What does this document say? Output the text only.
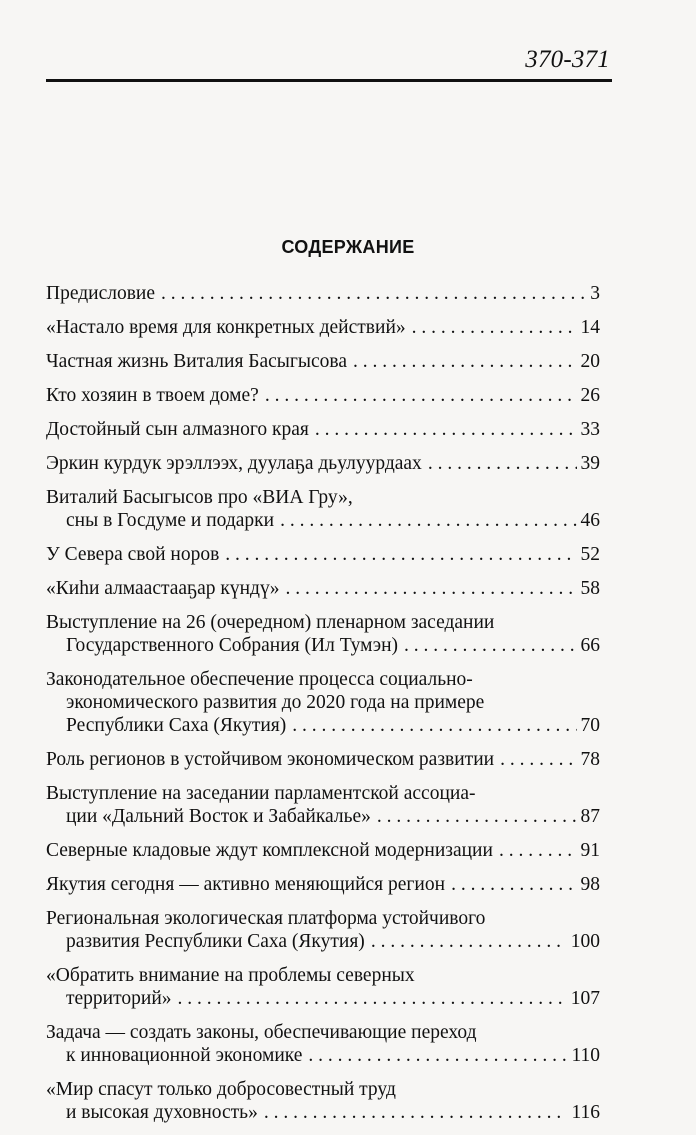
370-371
СОДЕРЖАНИЕ
Предисловие . . .	3
«Настало время для конкретных действий» . . .	14
Частная жизнь Виталия Басыгысова . . .	20
Кто хозяин в твоем доме? . . .	26
Достойный сын алмазного края . . .	33
Эркин курдук эрэллээх, дуулаҕа дьулуурдаах . . .	39
Виталий Басыгысов про «ВИА Гру»,
сны в Госдуме и подарки . . .	46
У Севера свой норов . . .	52
«Киһи алмаастааҕар күндү» . . .	58
Выступление на 26 (очередном) пленарном заседании
Государственного Собрания (Ил Тумэн) . . .	66
Законодательное обеспечение процесса социально-
экономического развития до 2020 года на примере
Республики Саха (Якутия) . . .	70
Роль регионов в устойчивом экономическом развитии . . .	78
Выступление на заседании парламентской ассоциа-
ции «Дальний Восток и Забайкалье» . . .	87
Северные кладовые ждут комплексной модернизации . . .	91
Якутия сегодня — активно меняющийся регион . . .	98
Региональная экологическая платформа устойчивого
развития Республики Саха (Якутия) . . .	100
«Обратить внимание на проблемы северных
территорий» . . .	107
Задача — создать законы, обеспечивающие переход
к инновационной экономике . . .	110
«Мир спасут только добросовестный труд
и высокая духовность» . . .	116
